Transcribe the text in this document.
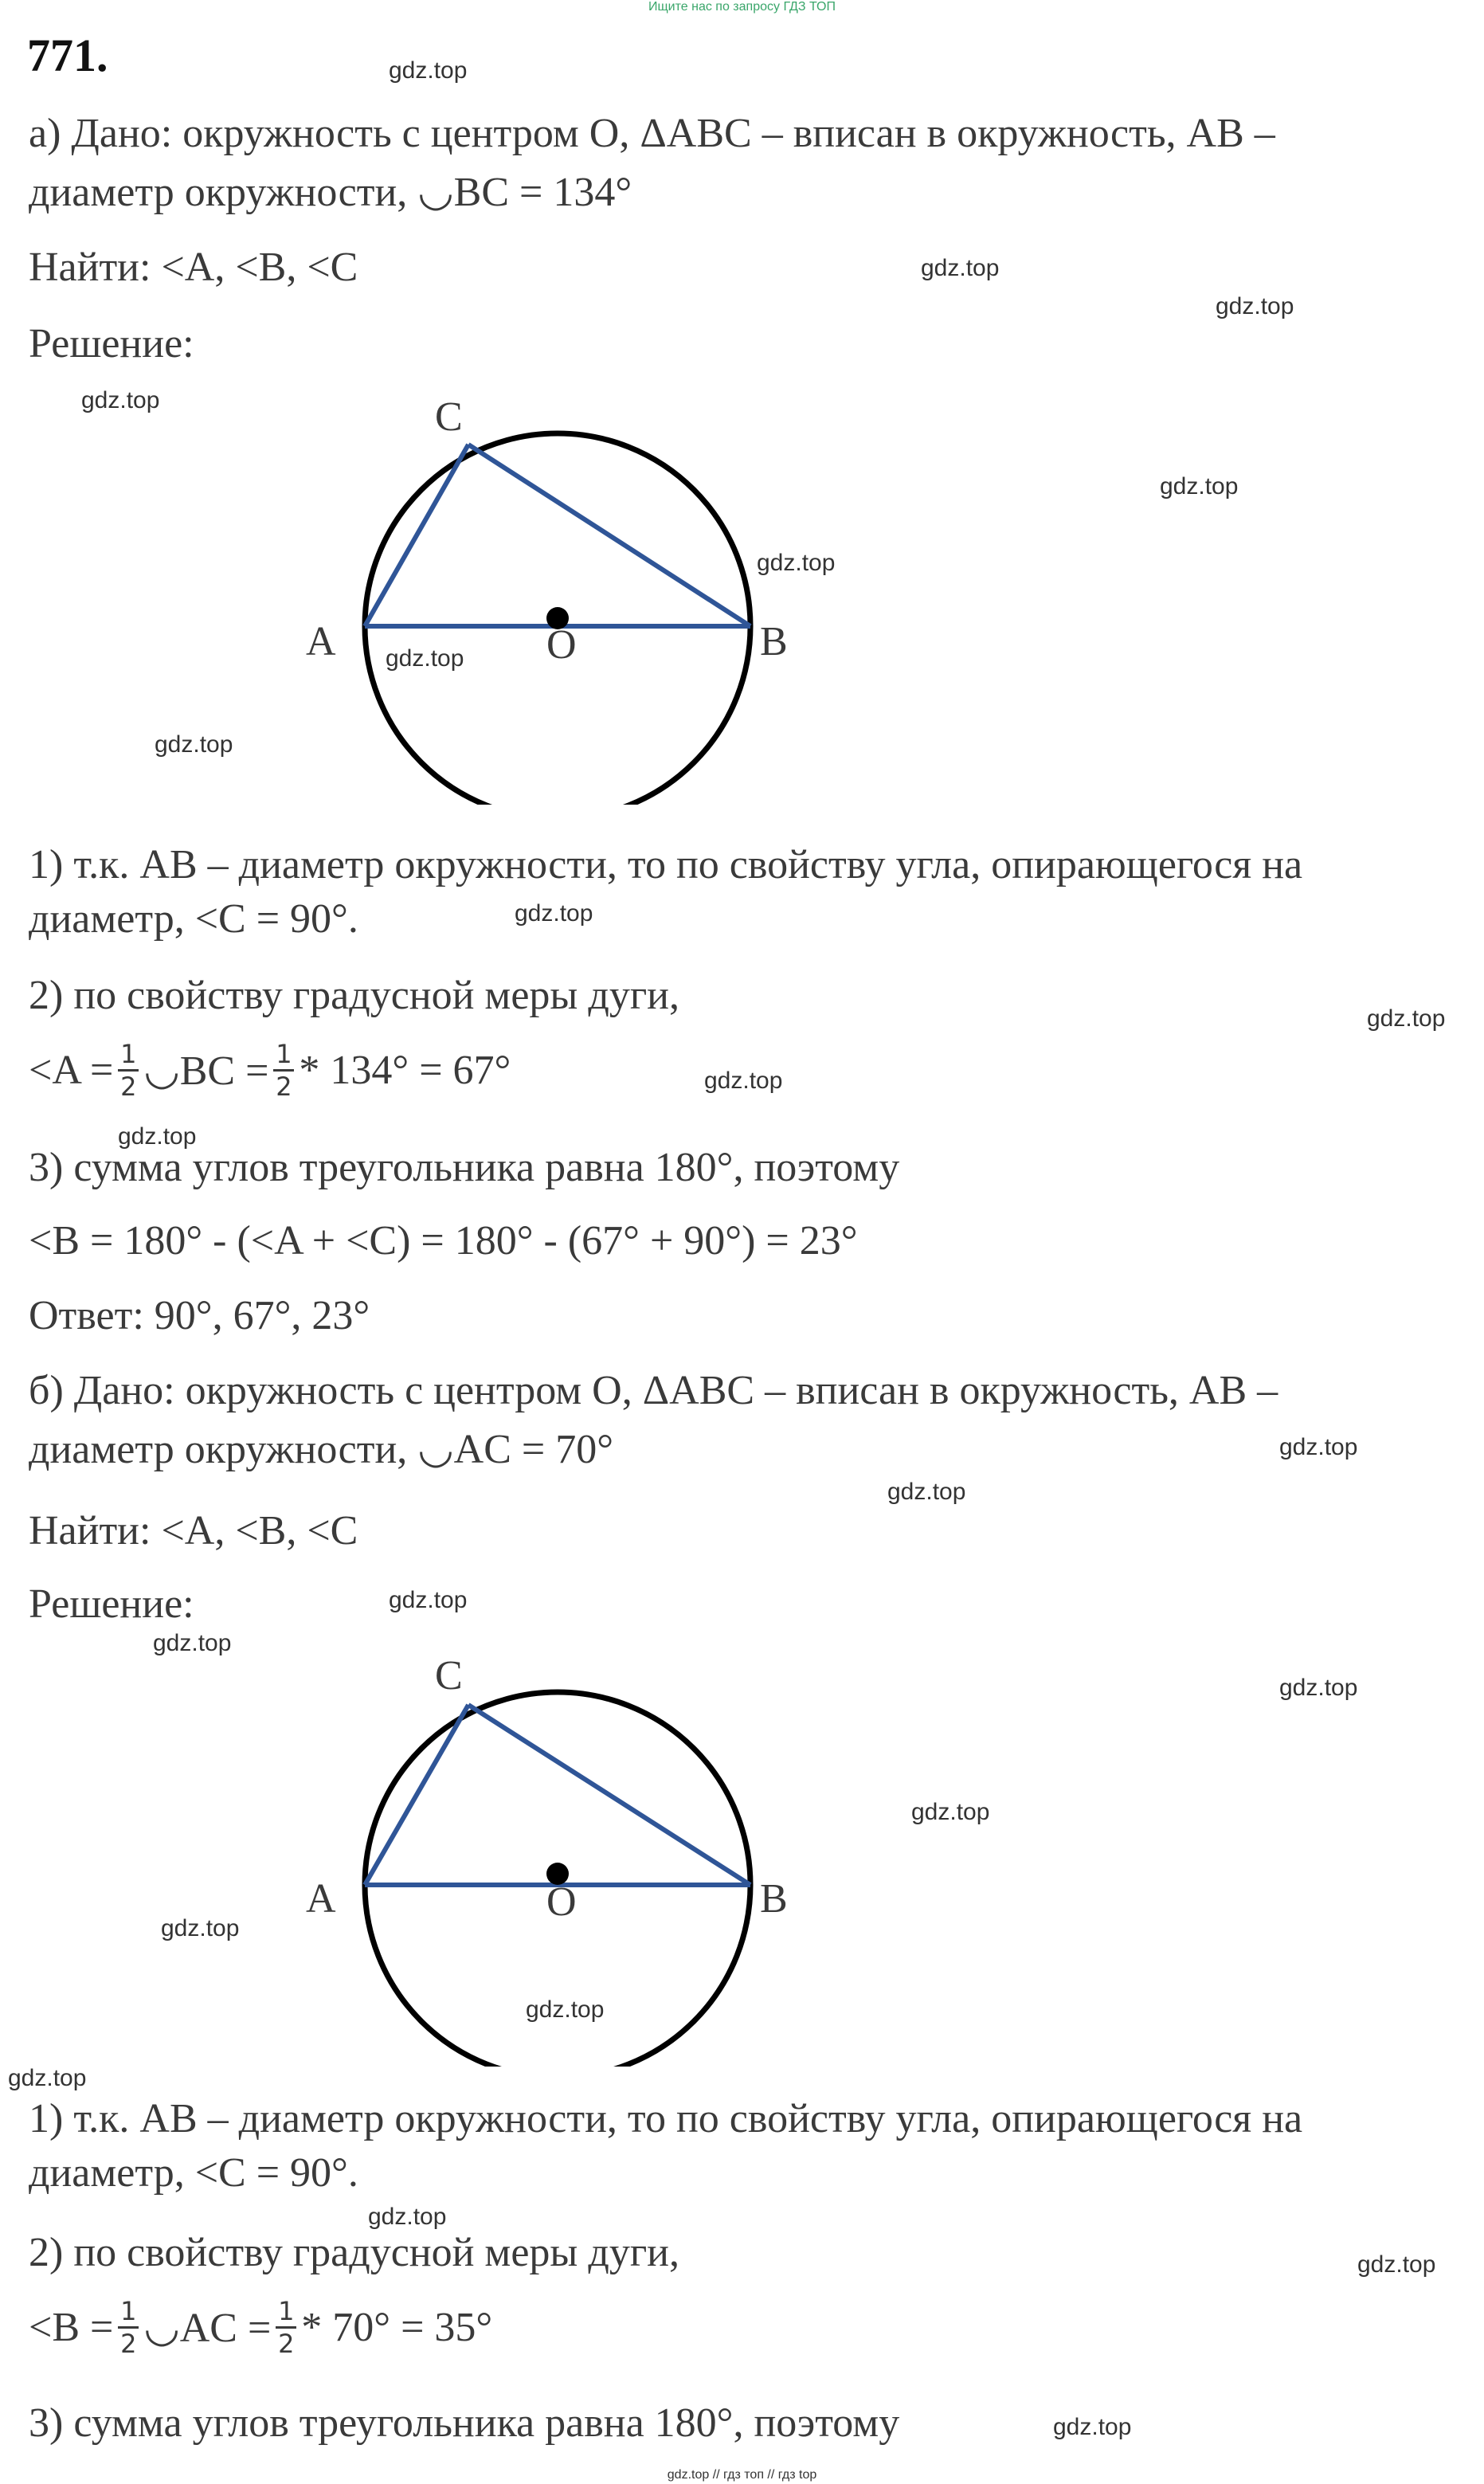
Ищите нас по запросу ГДЗ ТОП
771.
а) Дано: окружность с центром O, ΔABC – вписан в окружность, AB –
диаметр окружности, ◡BC = 134°
Найти: <A, <B, <C
Решение:
A	B
C
O
1) т.к. AB – диаметр окружности, то по свойству угла, опирающегося на
диаметр, <C = 90°.
2) по свойству градусной меры дуги,
$<A = \frac{1}{2}$ ◡BC = $\frac{1}{2} * 134^\circ = 67^\circ$
3) сумма углов треугольника равна 180°, поэтому
<B = 180° - (<A + <C) = 180° - (67° + 90°) = 23°
Ответ: 90°, 67°, 23°
б) Дано: окружность с центром O, ΔABC – вписан в окружность, AB –
диаметр окружности, ◡AC = 70°
Найти: <A, <B, <C
Решение:
A	B
C
O
1) т.к. AB – диаметр окружности, то по свойству угла, опирающегося на
диаметр, <C = 90°.
2) по свойству градусной меры дуги,
$<B = \frac{1}{2}$ ◡AC = $\frac{1}{2} * 70^\circ = 35^\circ$
3) сумма углов треугольника равна 180°, поэтому
gdz.top
gdz.top
gdz.top
gdz.top
gdz.top
gdz.top
gdz.top
gdz.top
gdz.top
gdz.top
gdz.top
gdz.top
gdz.top
gdz.top
gdz.top
gdz.top
gdz.top
gdz.top
gdz.top
gdz.top
gdz.top
gdz.top
gdz.top
gdz.top
gdz.top // гдз топ // гдз top
